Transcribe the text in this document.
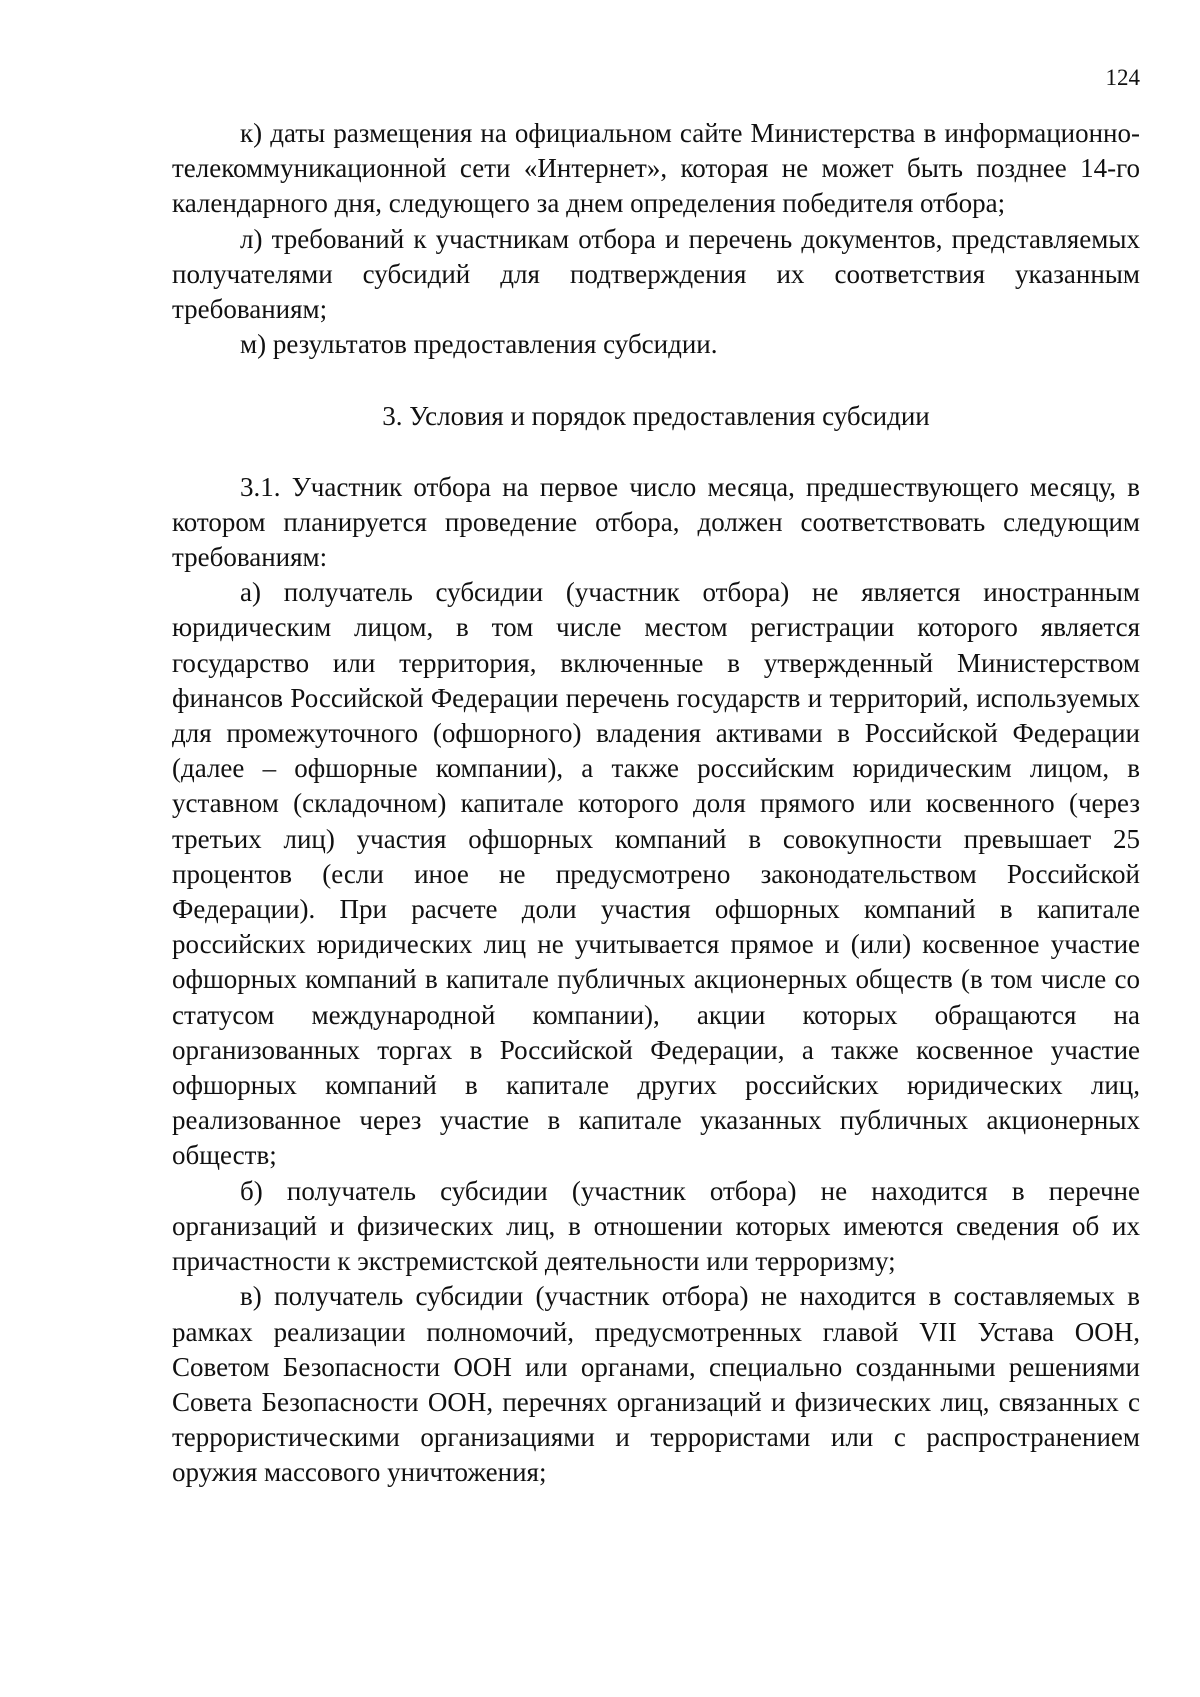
124

к) даты размещения на официальном сайте Министерства в информационно-телекоммуникационной сети «Интернет», которая не может быть позднее 14-го календарного дня, следующего за днем определения победителя отбора;

л) требований к участникам отбора и перечень документов, представляемых получателями субсидий для подтверждения их соответствия указанным требованиям;

м) результатов предоставления субсидии.

3. Условия и порядок предоставления субсидии

3.1. Участник отбора на первое число месяца, предшествующего месяцу, в котором планируется проведение отбора, должен соответствовать следующим требованиям:

а) получатель субсидии (участник отбора) не является иностранным юридическим лицом, в том числе местом регистрации которого является государство или территория, включенные в утвержденный Министерством финансов Российской Федерации перечень государств и территорий, используемых для промежуточного (офшорного) владения активами в Российской Федерации (далее – офшорные компании), а также российским юридическим лицом, в уставном (складочном) капитале которого доля прямого или косвенного (через третьих лиц) участия офшорных компаний в совокупности превышает 25 процентов (если иное не предусмотрено законодательством Российской Федерации). При расчете доли участия офшорных компаний в капитале российских юридических лиц не учитывается прямое и (или) косвенное участие офшорных компаний в капитале публичных акционерных обществ (в том числе со статусом международной компании), акции которых обращаются на организованных торгах в Российской Федерации, а также косвенное участие офшорных компаний в капитале других российских юридических лиц, реализованное через участие в капитале указанных публичных акционерных обществ;

б) получатель субсидии (участник отбора) не находится в перечне организаций и физических лиц, в отношении которых имеются сведения об их причастности к экстремистской деятельности или терроризму;

в) получатель субсидии (участник отбора) не находится в составляемых в рамках реализации полномочий, предусмотренных главой VII Устава ООН, Советом Безопасности ООН или органами, специально созданными решениями Совета Безопасности ООН, перечнях организаций и физических лиц, связанных с террористическими организациями и террористами или с распространением оружия массового уничтожения;
